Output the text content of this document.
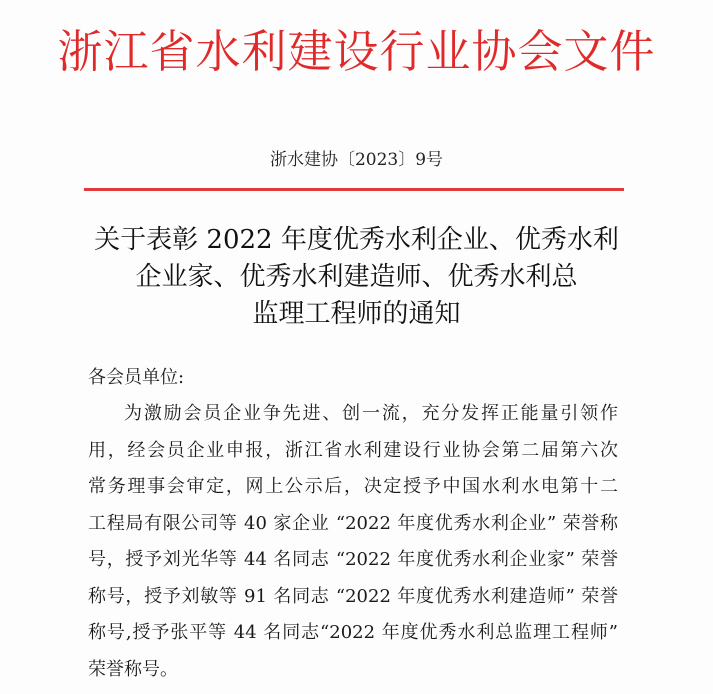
浙江省水利建设行业协会文件
浙水建协〔2023〕9号
关于表彰 2022 年度优秀水利企业、优秀水利
企业家、优秀水利建造师、优秀水利总
监理工程师的通知
各会员单位:
为激励会员企业争先进、创一流，充分发挥正能量引领作
用，经会员企业申报，浙江省水利建设行业协会第二届第六次
常务理事会审定，网上公示后，决定授予中国水利水电第十二
工程局有限公司等 40 家企业 “2022 年度优秀水利企业” 荣誉称
号，授予刘光华等 44 名同志 “2022 年度优秀水利企业家” 荣誉
称号，授予刘敏等 91 名同志 “2022 年度优秀水利建造师” 荣誉
称号,授予张平等 44 名同志“2022 年度优秀水利总监理工程师”
荣誉称号。
